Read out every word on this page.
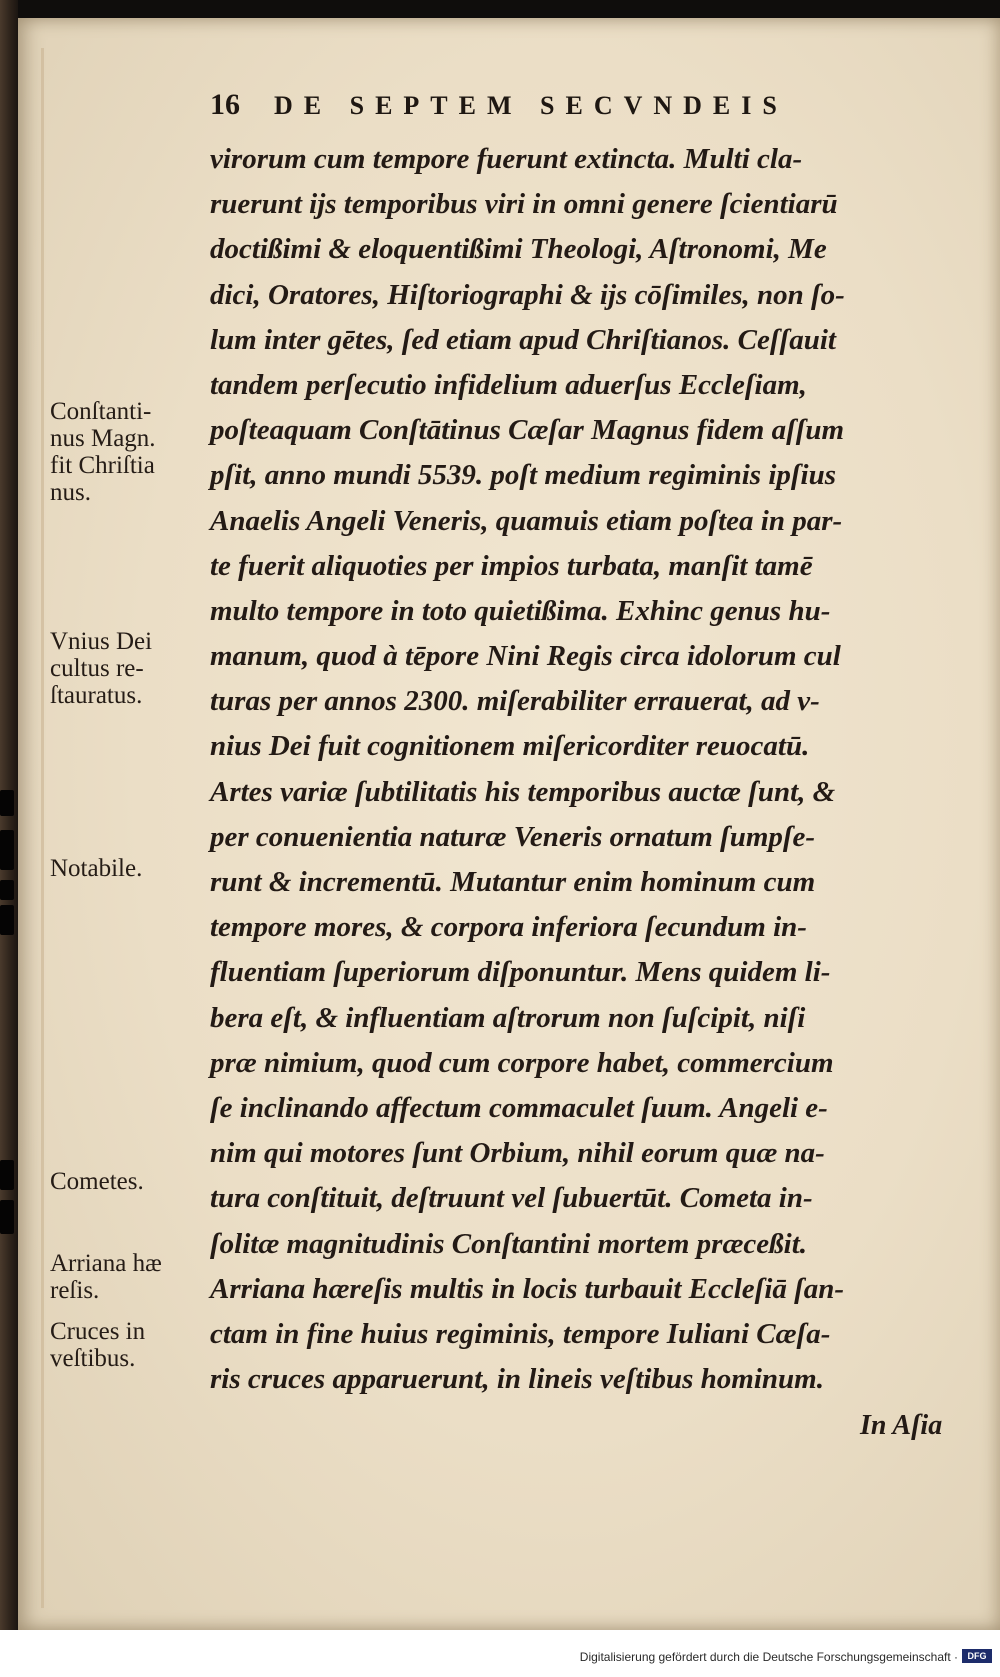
16 DE SEPTEM SECVNDEIS
virorum cum tempore fuerunt extincta. Multi cla-
ruerunt ijs temporibus viri in omni genere ſcientiarū
doctißimi & eloquentißimi Theologi, Aſtronomi, Me
dici, Oratores, Hiſtoriographi & ijs cōſimiles, non ſo-
lum inter gētes, ſed etiam apud Chriſtianos. Ceſſauit
tandem perſecutio infidelium aduerſus Eccleſiam,
poſteaquam Conſtātinus Cæſar Magnus fidem aſſum
pſit, anno mundi 5539. poſt medium regiminis ipſius
Anaelis Angeli Veneris, quamuis etiam poſtea in par-
te fuerit aliquoties per impios turbata, manſit tamē
multo tempore in toto quietißima. Exhinc genus hu-
manum, quod à tēpore Nini Regis circa idolorum cul
turas per annos 2300. miſerabiliter errauerat, ad v-
nius Dei fuit cognitionem miſericorditer reuocatū.
Artes variæ ſubtilitatis his temporibus auctæ ſunt, &
per conuenientia naturæ Veneris ornatum ſumpſe-
runt & incrementū. Mutantur enim hominum cum
tempore mores, & corpora inferiora ſecundum in-
fluentiam ſuperiorum diſponuntur. Mens quidem li-
bera eſt, & influentiam aſtrorum non ſuſcipit, niſi
præ nimium, quod cum corpore habet, commercium
ſe inclinando affectum commaculet ſuum. Angeli e-
nim qui motores ſunt Orbium, nihil eorum quæ na-
tura conſtituit, deſtruunt vel ſubuertūt. Cometa in-
ſolitæ magnitudinis Conſtantini mortem præceßit.
Arriana hæreſis multis in locis turbauit Eccleſiā ſan-
ctam in fine huius regiminis, tempore Iuliani Cæſa-
ris cruces apparuerunt, in lineis veſtibus hominum.
Conſtanti-
nus Magn.
fit Chriſtia
nus.
Vnius Dei
cultus re-
ſtauratus.
Notabile.
Cometes.
Arriana hæ
reſis.
Cruces in
veſtibus.
In Aſia
Digitalisierung gefördert durch die Deutsche Forschungsgemeinschaft ·	DFG
